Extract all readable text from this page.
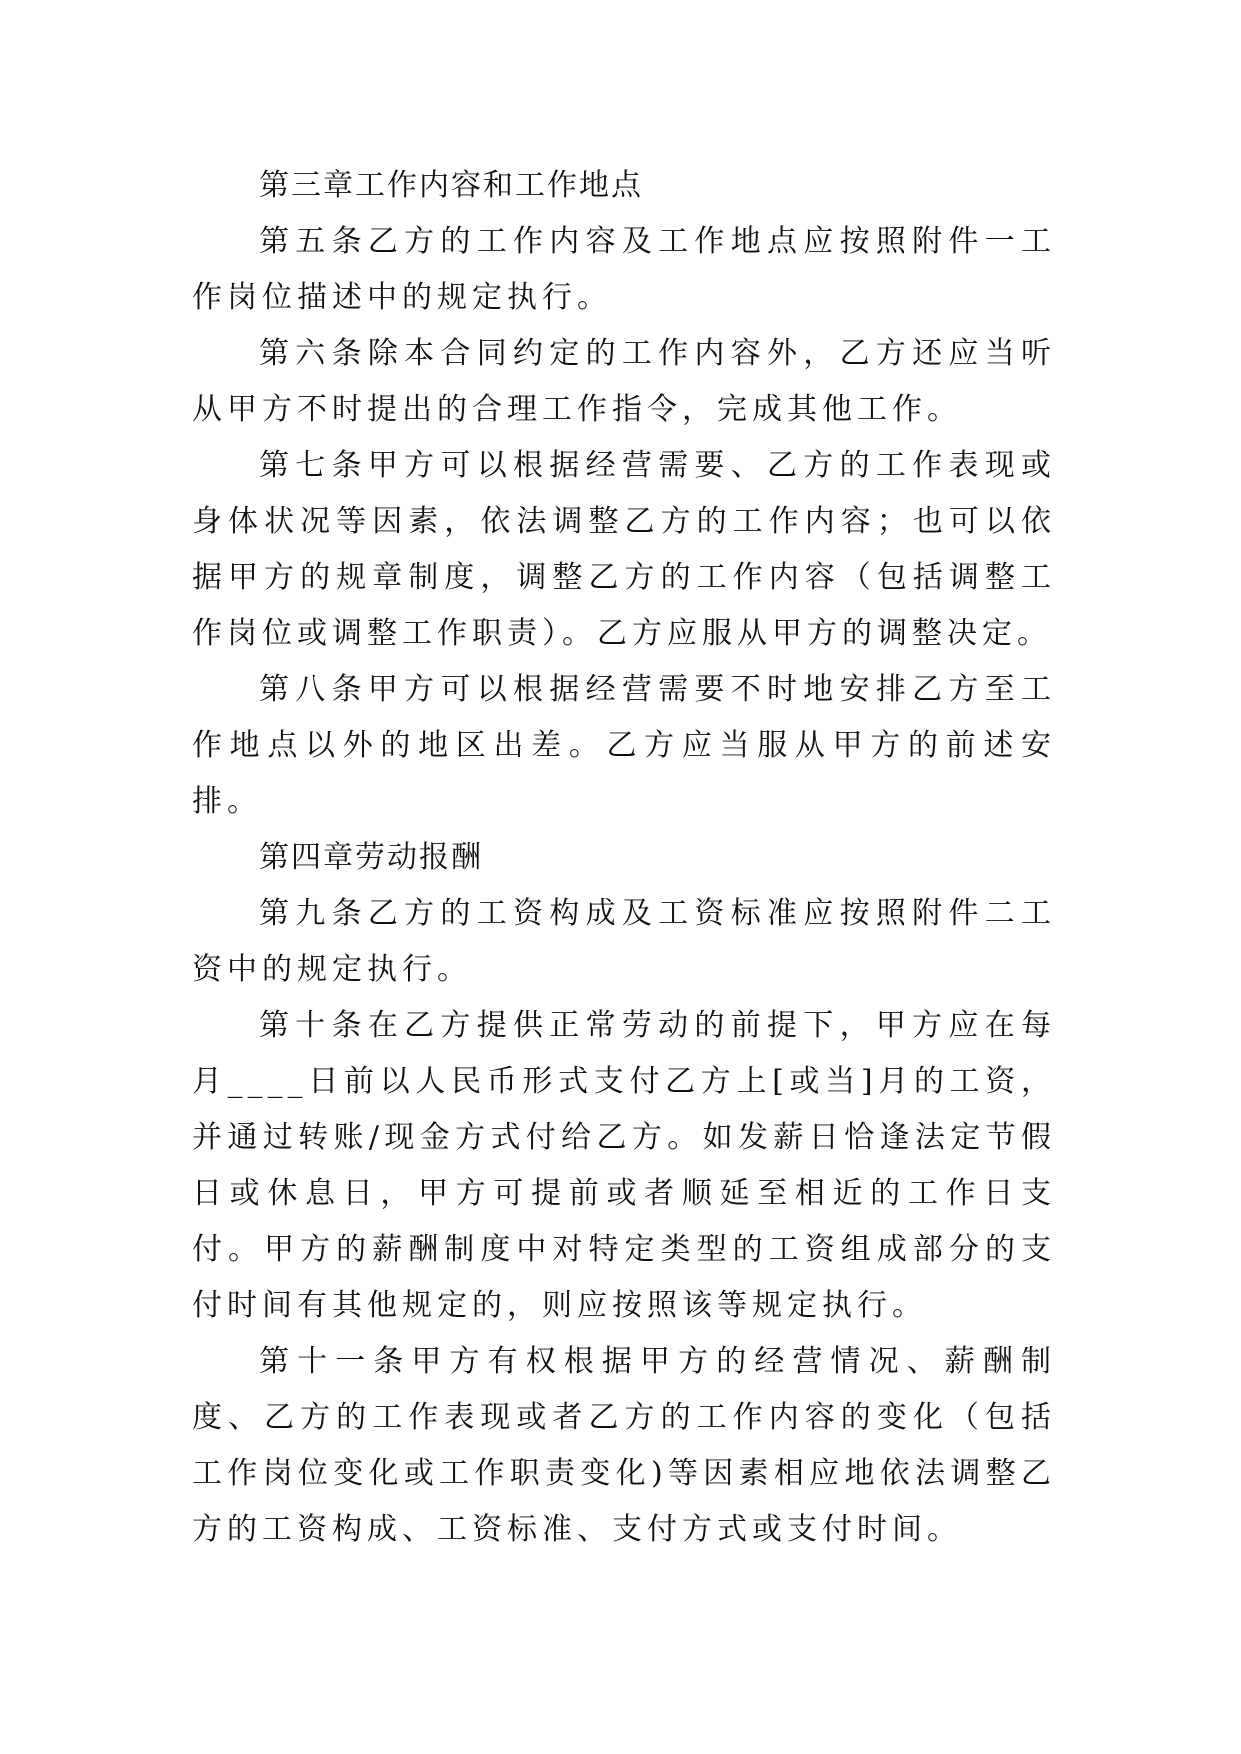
第三章工作内容和工作地点

第五条乙方的工作内容及工作地点应按照附件一工作岗位描述中的规定执行。

第六条除本合同约定的工作内容外，乙方还应当听从甲方不时提出的合理工作指令，完成其他工作。

第七条甲方可以根据经营需要、乙方的工作表现或身体状况等因素，依法调整乙方的工作内容；也可以依据甲方的规章制度，调整乙方的工作内容（包括调整工作岗位或调整工作职责）。乙方应服从甲方的调整决定。

第八条甲方可以根据经营需要不时地安排乙方至工作地点以外的地区出差。乙方应当服从甲方的前述安排。

第四章劳动报酬

第九条乙方的工资构成及工资标准应按照附件二工资中的规定执行。

第十条在乙方提供正常劳动的前提下，甲方应在每月____日前以人民币形式支付乙方上[或当]月的工资，并通过转账/现金方式付给乙方。如发薪日恰逢法定节假日或休息日，甲方可提前或者顺延至相近的工作日支付。甲方的薪酬制度中对特定类型的工资组成部分的支付时间有其他规定的，则应按照该等规定执行。

第十一条甲方有权根据甲方的经营情况、薪酬制度、乙方的工作表现或者乙方的工作内容的变化（包括工作岗位变化或工作职责变化)等因素相应地依法调整乙方的工资构成、工资标准、支付方式或支付时间。
